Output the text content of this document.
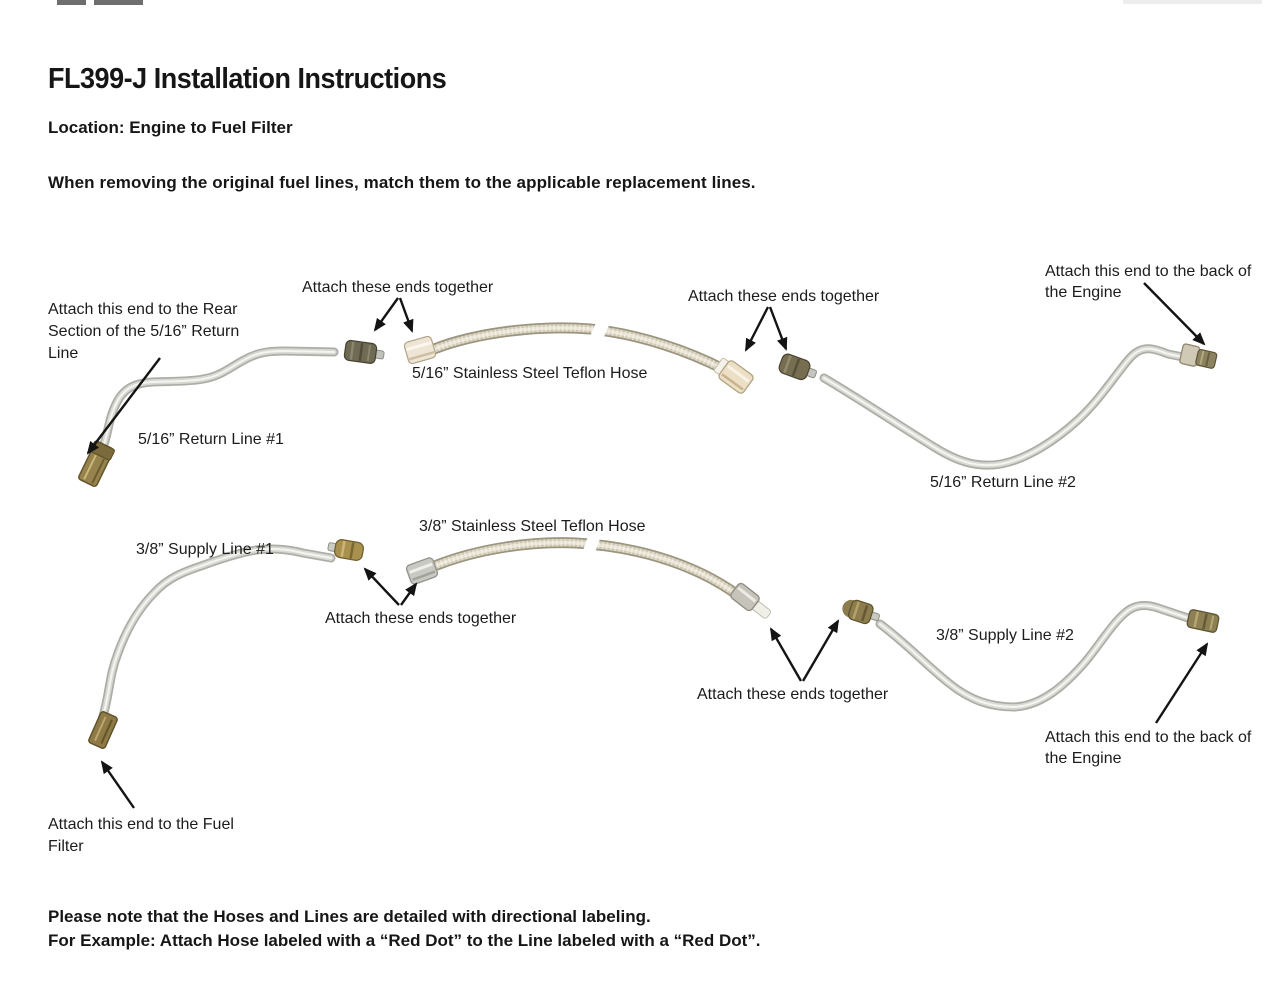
FL399-J Installation Instructions
Location: Engine to Fuel Filter
When removing the original fuel lines, match them to the applicable replacement lines.
Attach this end to the Rear
Section of the 5/16” Return
Line
Attach these ends together
5/16” Stainless Steel Teflon Hose
5/16” Return Line #1
Attach these ends together
Attach this end to the back of
the Engine
5/16” Return Line #2
3/8” Stainless Steel Teflon Hose
3/8” Supply Line #1
Attach these ends together
Attach these ends together
3/8” Supply Line #2
Attach this end to the back of
the Engine
Attach this end to the Fuel
Filter
Please note that the Hoses and Lines are detailed with directional labeling.
For Example: Attach Hose labeled with a “Red Dot” to the Line labeled with a “Red Dot”.
